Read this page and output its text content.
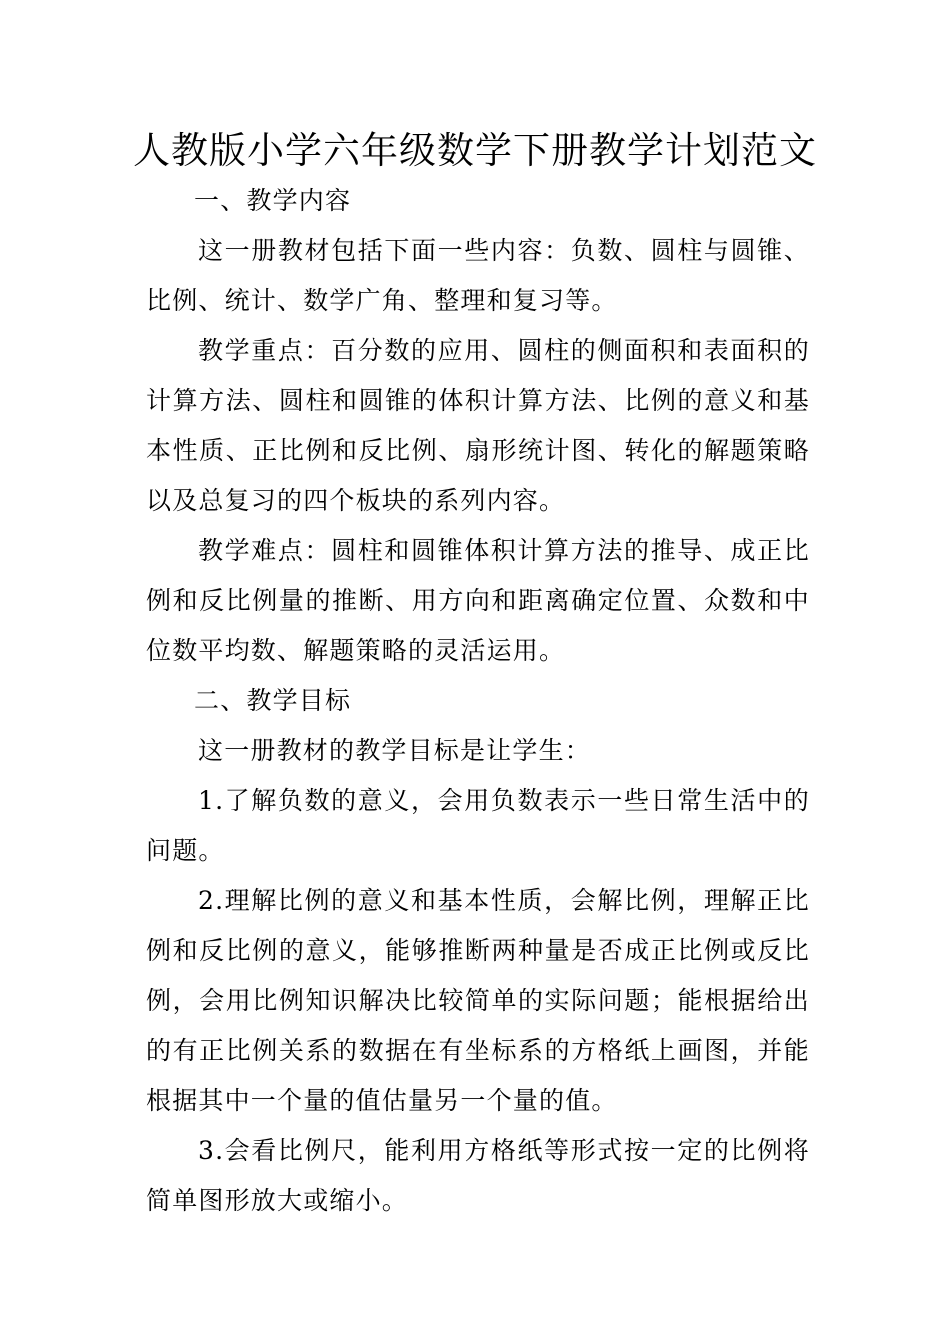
人教版小学六年级数学下册教学计划范文

一、教学内容

这一册教材包括下面一些内容：负数、圆柱与圆锥、比例、统计、数学广角、整理和复习等。

教学重点：百分数的应用、圆柱的侧面积和表面积的计算方法、圆柱和圆锥的体积计算方法、比例的意义和基本性质、正比例和反比例、扇形统计图、转化的解题策略以及总复习的四个板块的系列内容。

教学难点：圆柱和圆锥体积计算方法的推导、成正比例和反比例量的推断、用方向和距离确定位置、众数和中位数平均数、解题策略的灵活运用。

二、教学目标

这一册教材的教学目标是让学生：

1.了解负数的意义，会用负数表示一些日常生活中的问题。

2.理解比例的意义和基本性质，会解比例，理解正比例和反比例的意义，能够推断两种量是否成正比例或反比例，会用比例知识解决比较简单的实际问题；能根据给出的有正比例关系的数据在有坐标系的方格纸上画图，并能根据其中一个量的值估量另一个量的值。

3.会看比例尺，能利用方格纸等形式按一定的比例将简单图形放大或缩小。
